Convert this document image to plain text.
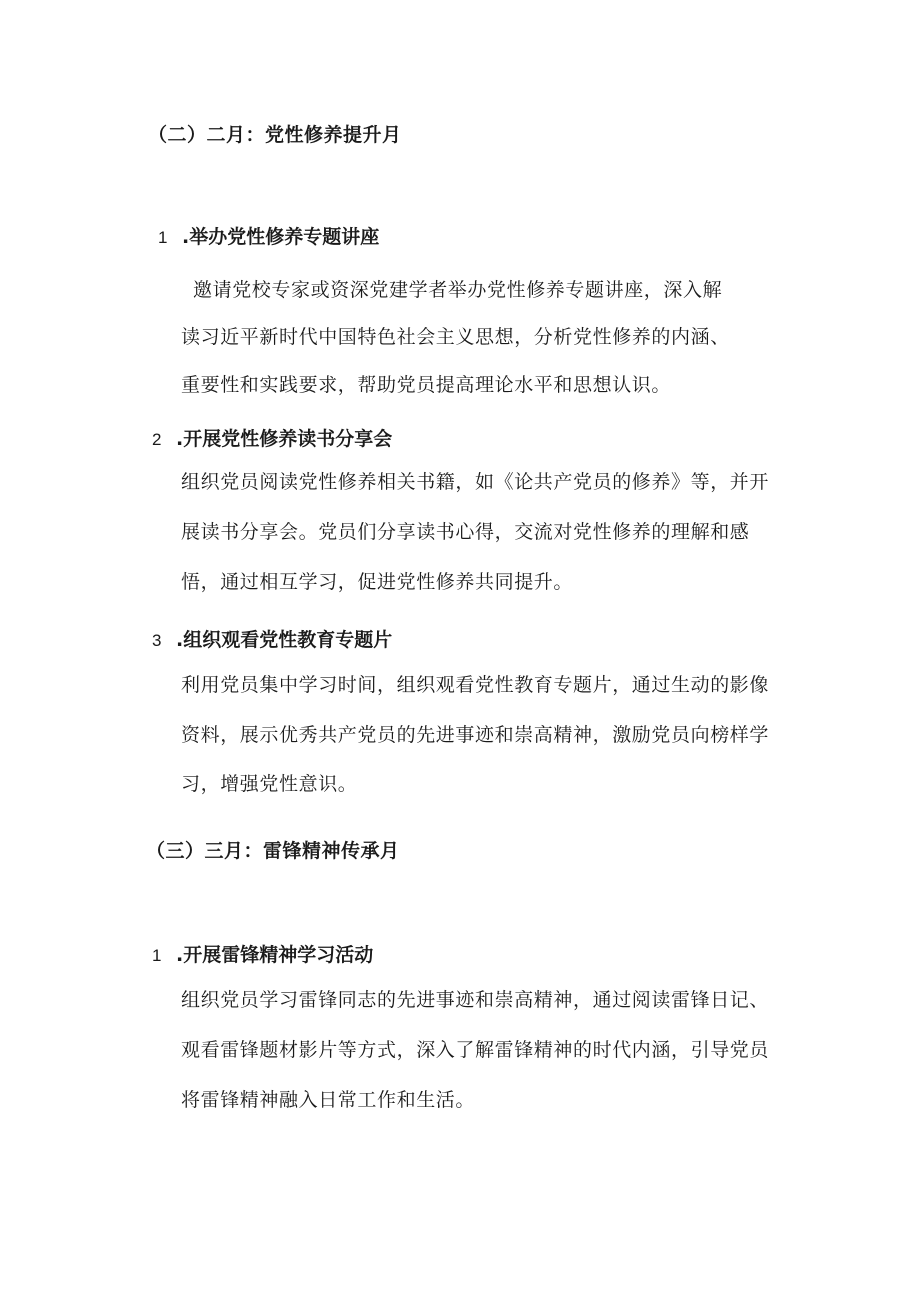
（二）二月：党性修养提升月
1 .举办党性修养专题讲座
邀请党校专家或资深党建学者举办党性修养专题讲座，深入解
读习近平新时代中国特色社会主义思想，分析党性修养的内涵、
重要性和实践要求，帮助党员提高理论水平和思想认识。
2 .开展党性修养读书分享会
组织党员阅读党性修养相关书籍，如《论共产党员的修养》等，并开
展读书分享会。党员们分享读书心得，交流对党性修养的理解和感
悟，通过相互学习，促进党性修养共同提升。
3 .组织观看党性教育专题片
利用党员集中学习时间，组织观看党性教育专题片，通过生动的影像
资料，展示优秀共产党员的先进事迹和崇高精神，激励党员向榜样学
习，增强党性意识。
（三）三月：雷锋精神传承月
1 .开展雷锋精神学习活动
组织党员学习雷锋同志的先进事迹和崇高精神，通过阅读雷锋日记、
观看雷锋题材影片等方式，深入了解雷锋精神的时代内涵，引导党员
将雷锋精神融入日常工作和生活。
